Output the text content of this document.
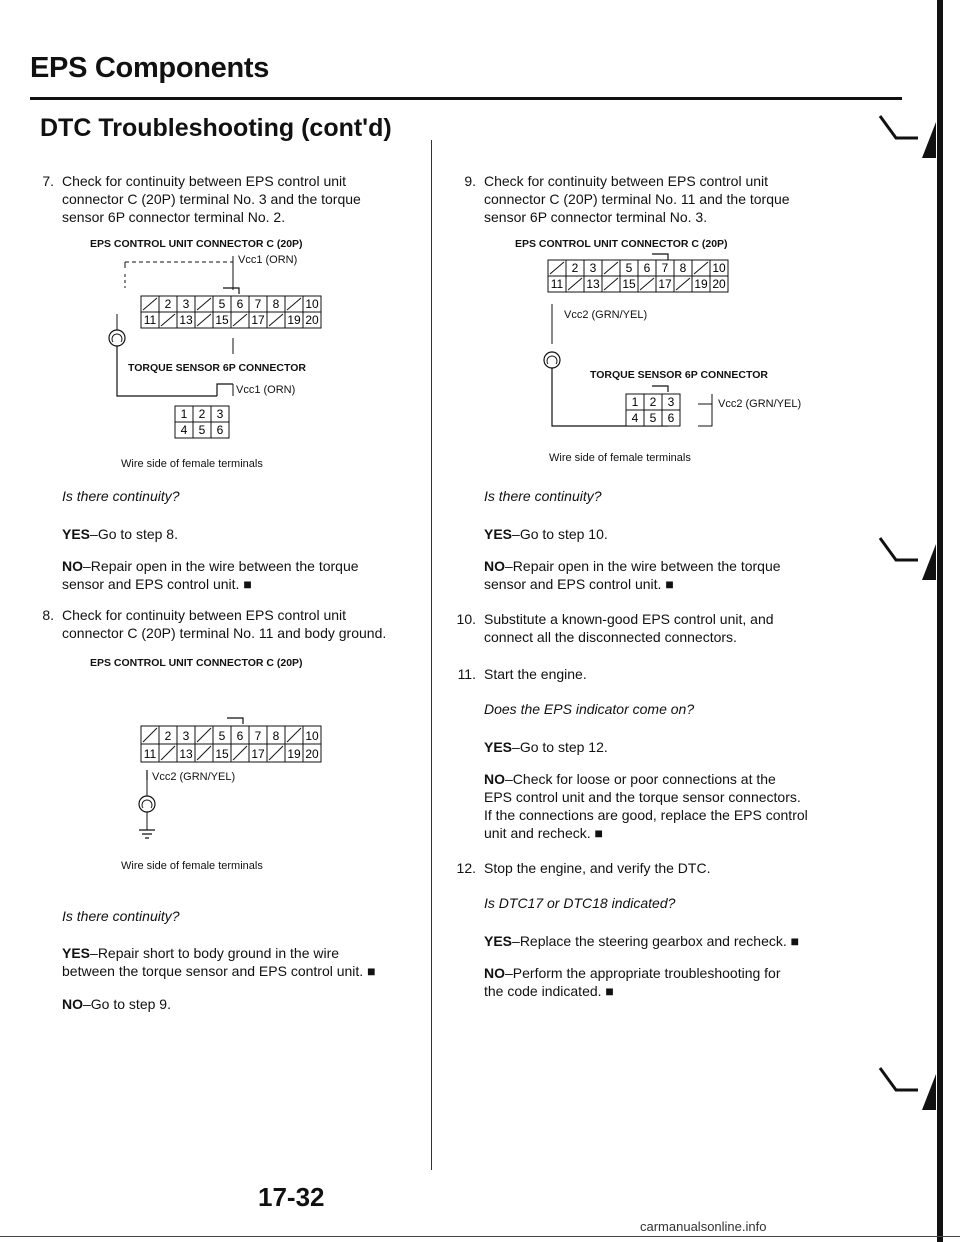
EPS Components
DTC Troubleshooting (cont'd)
7. Check for continuity between EPS control unit
connector C (20P) terminal No. 3 and the torque
sensor 6P connector terminal No. 2.
EPS CONTROL UNIT CONNECTOR C (20P)
2 3 5 6 7 8 10
11 13 15 17 19 20
1 2 3
4 5 6
Vcc1 (ORN)
TORQUE SENSOR 6P CONNECTOR
Vcc1 (ORN)
Wire side of female terminals
Is there continuity?
YES–Go to step 8.
NO–Repair open in the wire between the torque
sensor and EPS control unit. ■
8. Check for continuity between EPS control unit
connector C (20P) terminal No. 11 and body ground.
EPS CONTROL UNIT CONNECTOR C (20P)
2 3 5 6 7 8 10
11 13 15 17 19 20
Vcc2 (GRN/YEL)
Wire side of female terminals
Is there continuity?
YES–Repair short to body ground in the wire
between the torque sensor and EPS control unit. ■
NO–Go to step 9.
9. Check for continuity between EPS control unit
connector C (20P) terminal No. 11 and the torque
sensor 6P connector terminal No. 3.
EPS CONTROL UNIT CONNECTOR C (20P)
2 3 5 6 7 8 10
11 13 15 17 19 20
1 2 3
4 5 6
Vcc2 (GRN/YEL)
TORQUE SENSOR 6P CONNECTOR
Vcc2 (GRN/YEL)
Wire side of female terminals
Is there continuity?
YES–Go to step 10.
NO–Repair open in the wire between the torque
sensor and EPS control unit. ■
10. Substitute a known-good EPS control unit, and
connect all the disconnected connectors.
11. Start the engine.
Does the EPS indicator come on?
YES–Go to step 12.
NO–Check for loose or poor connections at the
EPS control unit and the torque sensor connectors.
If the connections are good, replace the EPS control
unit and recheck. ■
12. Stop the engine, and verify the DTC.
Is DTC17 or DTC18 indicated?
YES–Replace the steering gearbox and recheck. ■
NO–Perform the appropriate troubleshooting for
the code indicated. ■
17-32
carmanualsonline.info
